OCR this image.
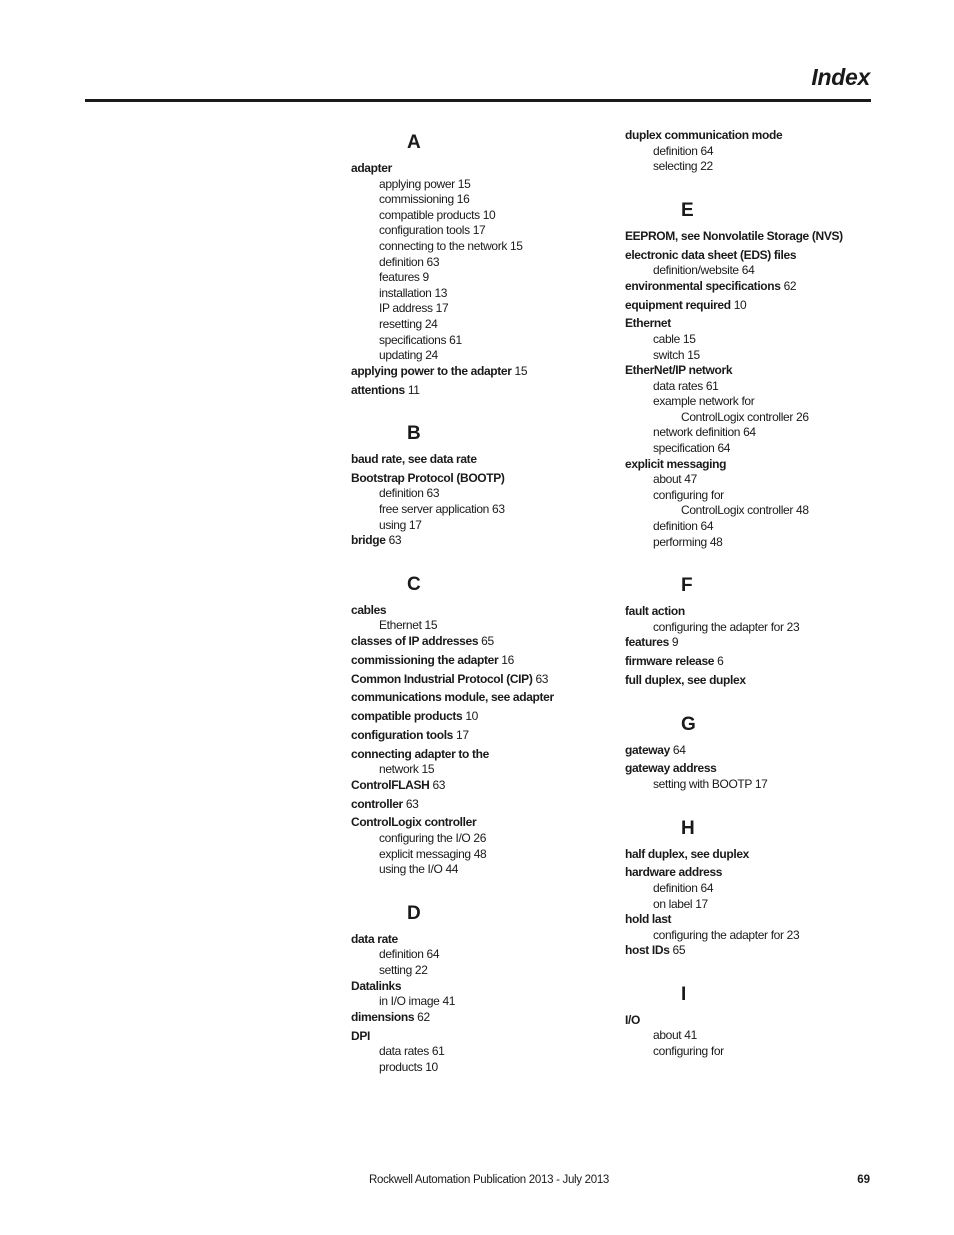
Index
A

adapter

applying power 15
commissioning 16
compatible products 10
configuration tools 17
connecting to the network 15
definition 63
features 9
installation 13
IP address 17
resetting 24
specifications 61
updating 24

applying power to the adapter 15

attentions 11

B

baud rate, see data rate

Bootstrap Protocol (BOOTP)

definition 63
free server application 63
using 17

bridge 63

C

cables

Ethernet 15

classes of IP addresses 65

commissioning the adapter 16

Common Industrial Protocol (CIP) 63

communications module, see adapter

compatible products 10

configuration tools 17

connecting adapter to the

network 15

ControlFLASH 63

controller 63

ControlLogix controller

configuring the I/O 26
explicit messaging 48
using the I/O 44
D

data rate

definition 64
setting 22

Datalinks

in I/O image 41

dimensions 62

DPI

data rates 61
products 10

duplex communication mode

definition 64
selecting 22
E

EEPROM, see Nonvolatile Storage (NVS)

electronic data sheet (EDS) files

definition/website 64

environmental specifications 62

equipment required 10

Ethernet

cable 15
switch 15

EtherNet/IP network

data rates 61
example network for
ControlLogix controller 26
network definition 64
specification 64

explicit messaging

about 47
configuring for
ControlLogix controller 48
definition 64
performing 48
F

fault action

configuring the adapter for 23

features 9

firmware release 6

full duplex, see duplex

G

gateway 64

gateway address

setting with BOOTP 17
H

half duplex, see duplex

hardware address

definition 64
on label 17

hold last

configuring the adapter for 23

host IDs 65

I

I/O

about 41
configuring for
Rockwell Automation Publication 2013 - July 2013	69
